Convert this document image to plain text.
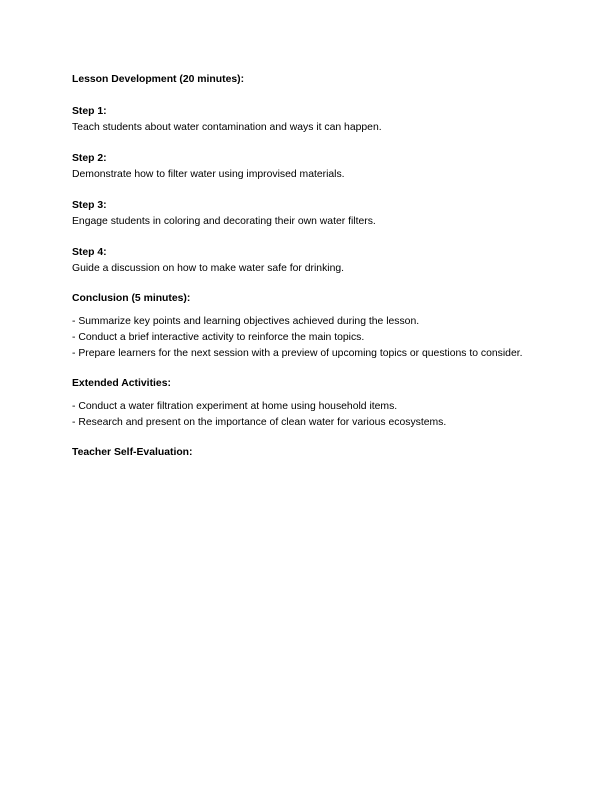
Lesson Development (20 minutes):

Step 1:

Teach students about water contamination and ways it can happen.

Step 2:

Demonstrate how to filter water using improvised materials.

Step 3:

Engage students in coloring and decorating their own water filters.

Step 4:

Guide a discussion on how to make water safe for drinking.

Conclusion (5 minutes):

- Summarize key points and learning objectives achieved during the lesson.

- Conduct a brief interactive activity to reinforce the main topics.

- Prepare learners for the next session with a preview of upcoming topics or questions to consider.

Extended Activities:

- Conduct a water filtration experiment at home using household items.

- Research and present on the importance of clean water for various ecosystems.

Teacher Self-Evaluation:
